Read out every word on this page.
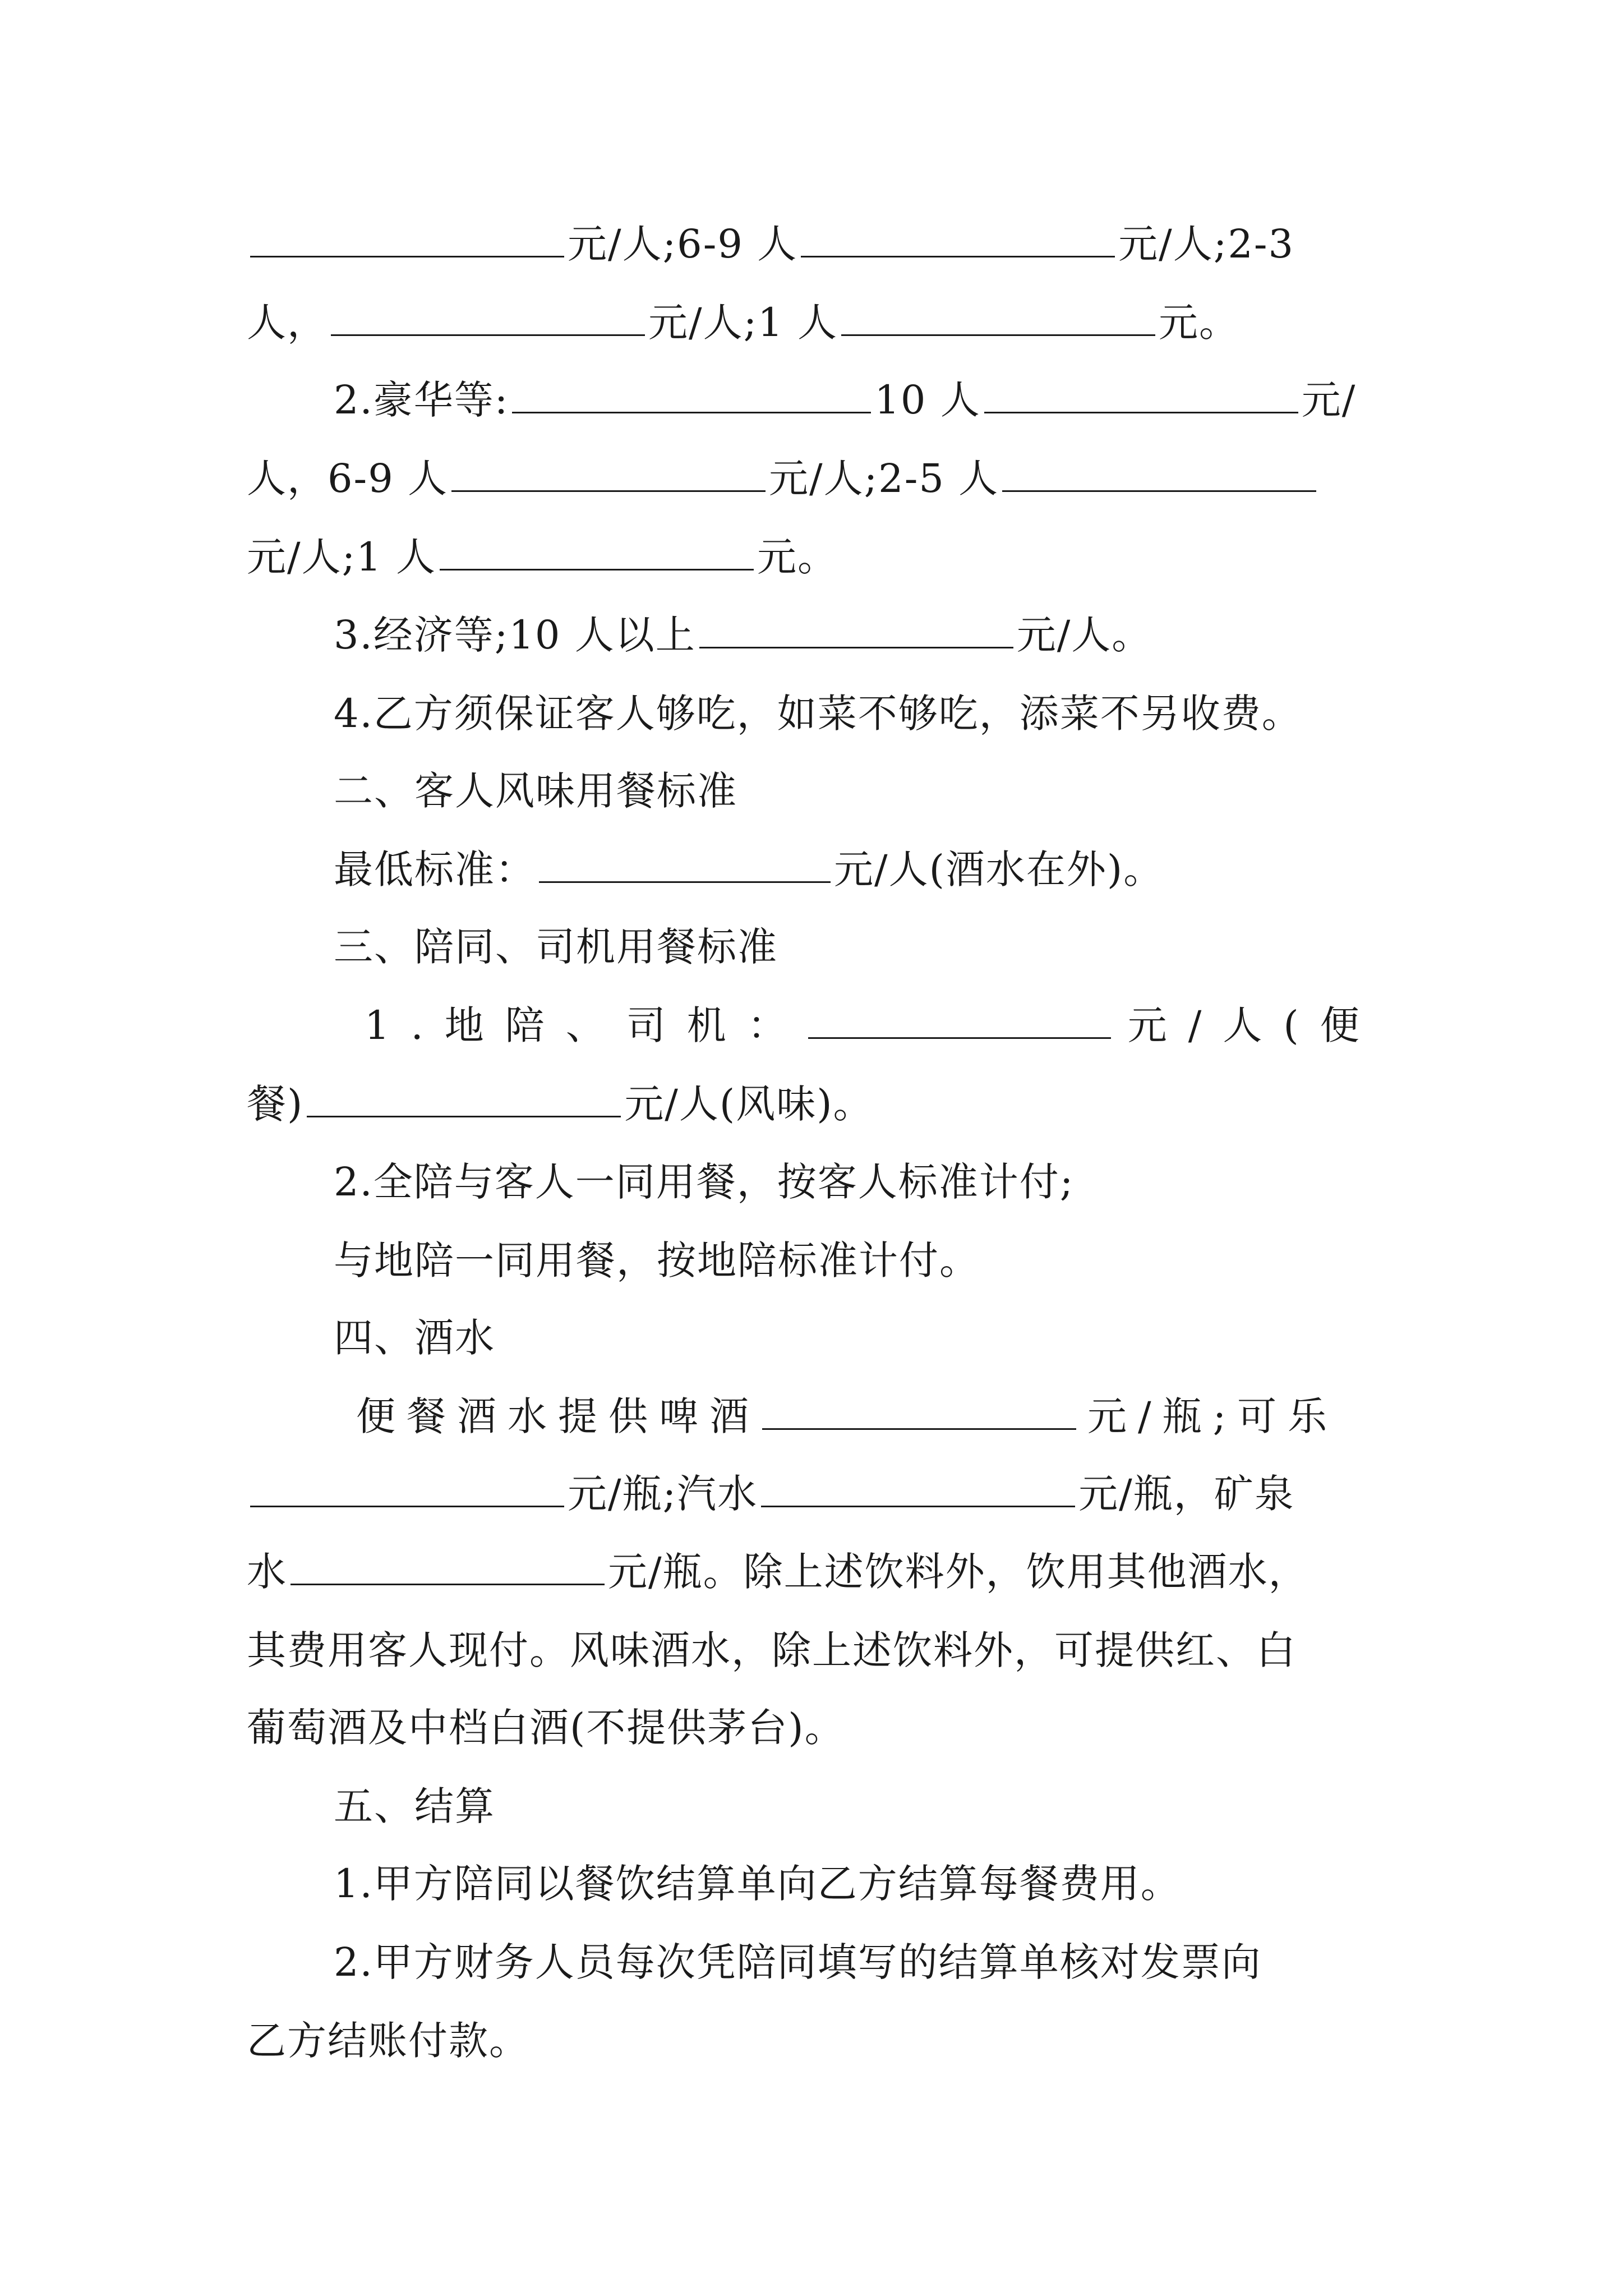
元/人;6-9 人	元/人;2-3
人，	元/人;1 人	元。
2.豪华等:	10 人	元/
人，6-9 人	元/人;2-5 人
元/人;1 人	元。
3.经济等;10 人以上	元/人。
4.乙方须保证客人够吃，如菜不够吃，添菜不另收费。
二、客人风味用餐标准
最低标准：	元/人(酒水在外)。
三、陪同、司机用餐标准
1.地陪、司机：	元/人(便
餐)	元/人(风味)。
2.全陪与客人一同用餐，按客人标准计付;
与地陪一同用餐，按地陪标准计付。
四、酒水
便餐酒水提供啤酒	元/瓶;可乐
元/瓶;汽水	元/瓶，矿泉
水	元/瓶。除上述饮料外，饮用其他酒水，
其费用客人现付。风味酒水，除上述饮料外，可提供红、白
葡萄酒及中档白酒(不提供茅台)。
五、结算
1.甲方陪同以餐饮结算单向乙方结算每餐费用。
2.甲方财务人员每次凭陪同填写的结算单核对发票向
乙方结账付款。
